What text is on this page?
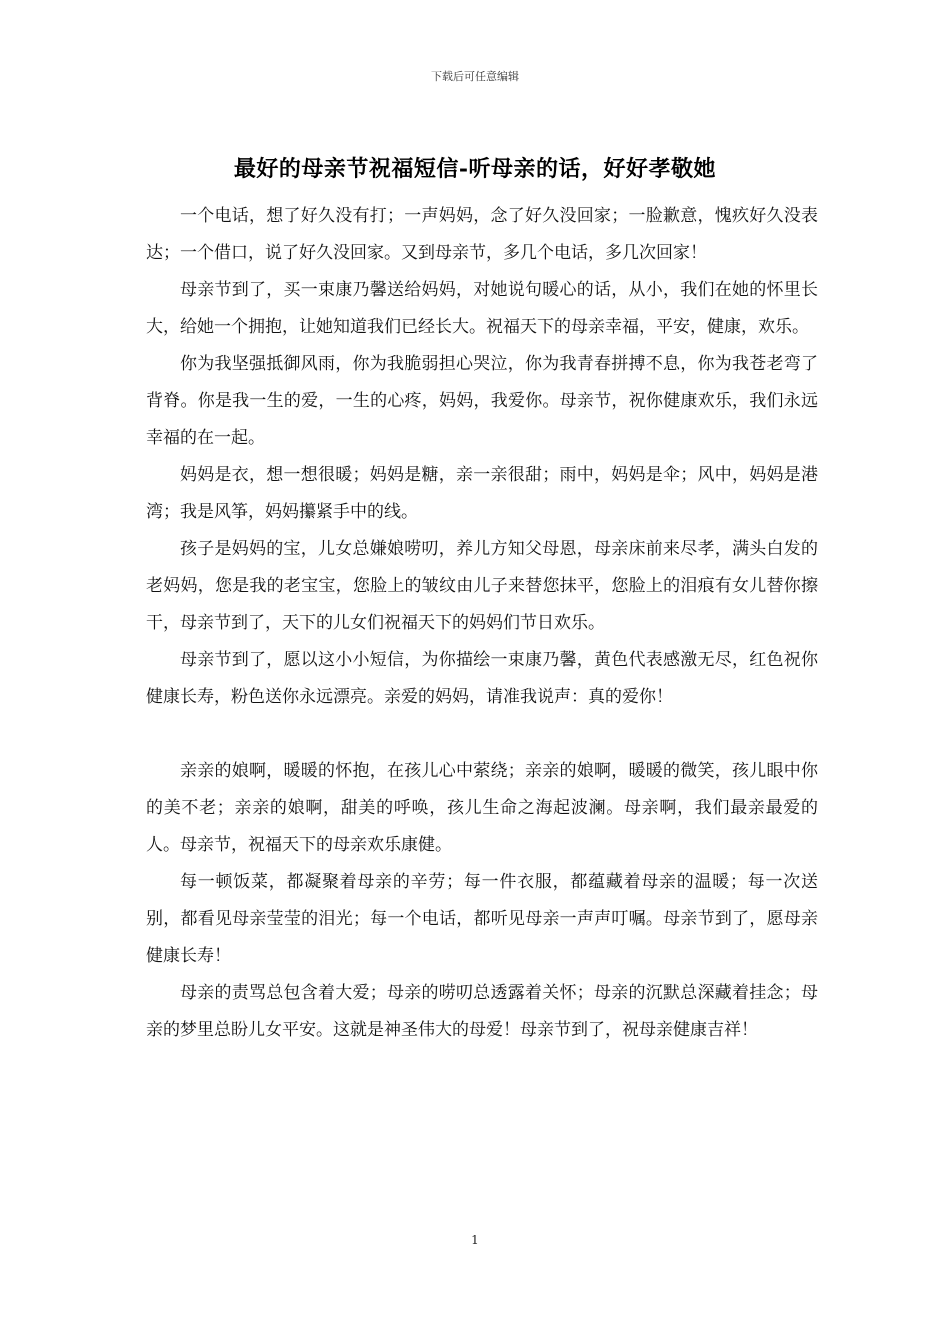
下载后可任意编辑
最好的母亲节祝福短信-听母亲的话，好好孝敬她

一个电话，想了好久没有打；一声妈妈，念了好久没回家；一脸歉意，愧疚好久没表达；一个借口，说了好久没回家。又到母亲节，多几个电话，多几次回家！

母亲节到了，买一束康乃馨送给妈妈，对她说句暖心的话，从小，我们在她的怀里长大，给她一个拥抱，让她知道我们已经长大。祝福天下的母亲幸福，平安，健康，欢乐。

你为我坚强抵御风雨，你为我脆弱担心哭泣，你为我青春拼搏不息，你为我苍老弯了背脊。你是我一生的爱，一生的心疼，妈妈，我爱你。母亲节，祝你健康欢乐，我们永远幸福的在一起。

妈妈是衣，想一想很暖；妈妈是糖，亲一亲很甜；雨中，妈妈是伞；风中，妈妈是港湾；我是风筝，妈妈攥紧手中的线。

孩子是妈妈的宝，儿女总嫌娘唠叨，养儿方知父母恩，母亲床前来尽孝，满头白发的老妈妈，您是我的老宝宝，您脸上的皱纹由儿子来替您抹平，您脸上的泪痕有女儿替你擦干，母亲节到了，天下的儿女们祝福天下的妈妈们节日欢乐。

母亲节到了，愿以这小小短信，为你描绘一束康乃馨，黄色代表感激无尽，红色祝你健康长寿，粉色送你永远漂亮。亲爱的妈妈，请准我说声：真的爱你！

亲亲的娘啊，暖暖的怀抱，在孩儿心中萦绕；亲亲的娘啊，暖暖的微笑，孩儿眼中你的美不老；亲亲的娘啊，甜美的呼唤，孩儿生命之海起波澜。母亲啊，我们最亲最爱的人。母亲节，祝福天下的母亲欢乐康健。

每一顿饭菜，都凝聚着母亲的辛劳；每一件衣服，都蕴藏着母亲的温暖；每一次送别，都看见母亲莹莹的泪光；每一个电话，都听见母亲一声声叮嘱。母亲节到了，愿母亲健康长寿！

母亲的责骂总包含着大爱；母亲的唠叨总透露着关怀；母亲的沉默总深藏着挂念；母亲的梦里总盼儿女平安。这就是神圣伟大的母爱！母亲节到了，祝母亲健康吉祥！

1
